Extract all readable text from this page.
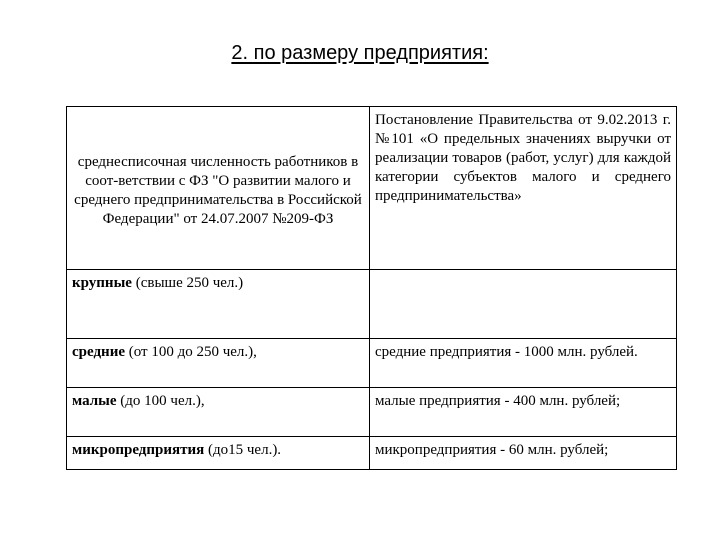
2. по размеру предприятия:
среднесписочная численность работников в соот-ветствии с ФЗ "О развитии малого и среднего предпринимательства в Российской Федерации" от 24.07.2007 №209-ФЗ	Постановление Правительства от 9.02.2013 г. №101 «О предельных значениях выручки от реализации товаров (работ, услуг) для каждой категории субъектов малого и среднего предпринимательства»
крупные (свыше 250 чел.)	
средние (от 100 до 250 чел.),	средние предприятия - 1000 млн. рублей.
малые (до 100 чел.),	малые предприятия - 400 млн. рублей;
микропредприятия (до15 чел.).	микропредприятия - 60 млн. рублей;
